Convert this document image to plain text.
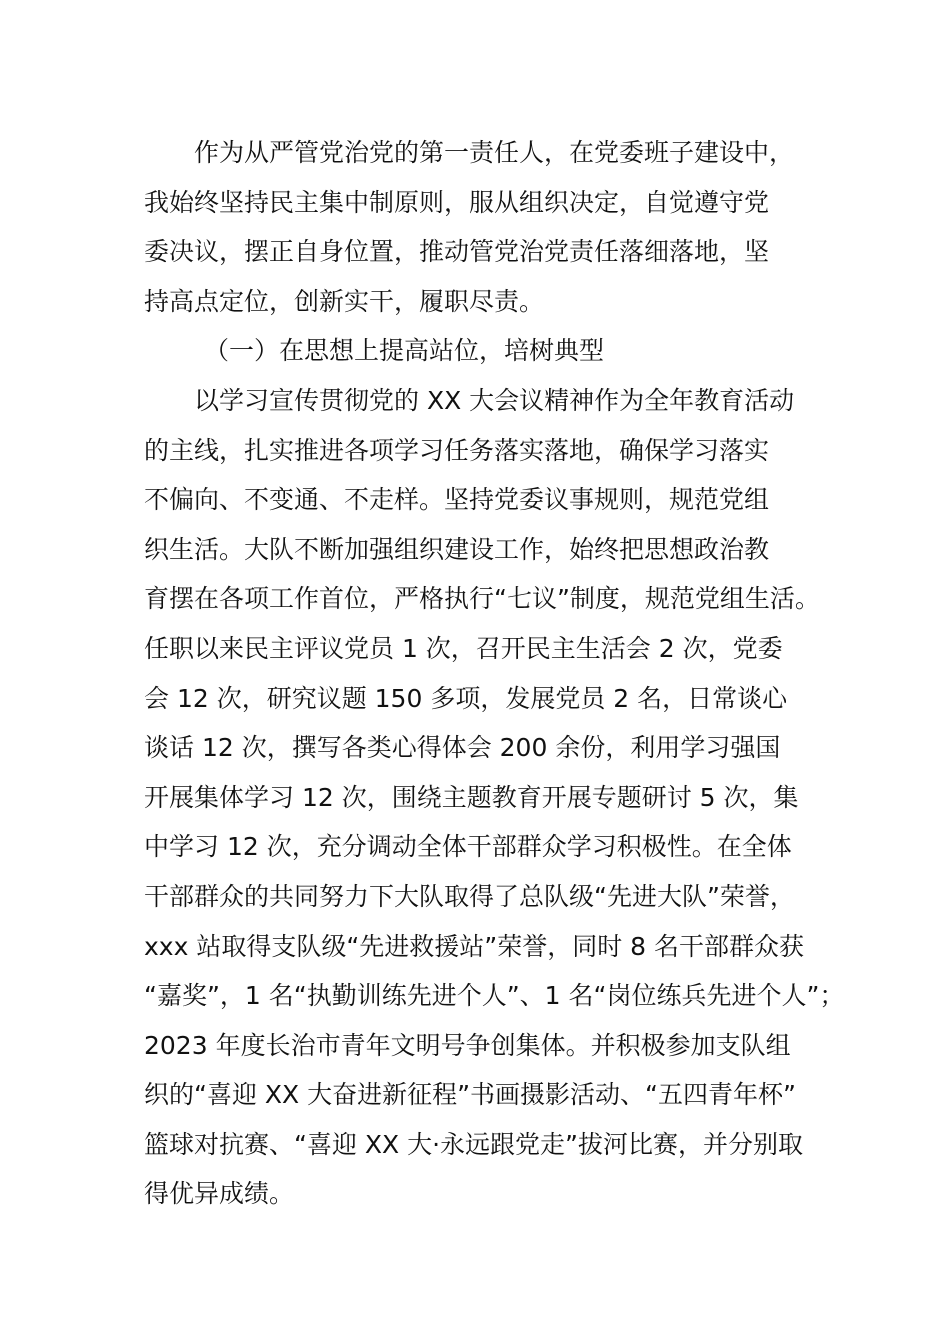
作为从严管党治党的第一责任人，在党委班子建设中，
我始终坚持民主集中制原则，服从组织决定，自觉遵守党
委决议，摆正自身位置，推动管党治党责任落细落地，坚
持高点定位，创新实干，履职尽责。
（一）在思想上提高站位，培树典型
以学习宣传贯彻党的 XX 大会议精神作为全年教育活动
的主线，扎实推进各项学习任务落实落地，确保学习落实
不偏向、不变通、不走样。坚持党委议事规则，规范党组
织生活。大队不断加强组织建设工作，始终把思想政治教
育摆在各项工作首位，严格执行“七议”制度，规范党组生活。
任职以来民主评议党员 1 次，召开民主生活会 2 次，党委
会 12 次，研究议题 150 多项，发展党员 2 名，日常谈心
谈话 12 次，撰写各类心得体会 200 余份，利用学习强国
开展集体学习 12 次，围绕主题教育开展专题研讨 5 次，集
中学习 12 次，充分调动全体干部群众学习积极性。在全体
干部群众的共同努力下大队取得了总队级“先进大队”荣誉，
xxx 站取得支队级“先进救援站”荣誉，同时 8 名干部群众获
“嘉奖”，1 名“执勤训练先进个人”、1 名“岗位练兵先进个人”；
2023 年度长治市青年文明号争创集体。并积极参加支队组
织的“喜迎 XX 大奋进新征程”书画摄影活动、“五四青年杯”
篮球对抗赛、“喜迎 XX 大·永远跟党走”拔河比赛，并分别取
得优异成绩。
